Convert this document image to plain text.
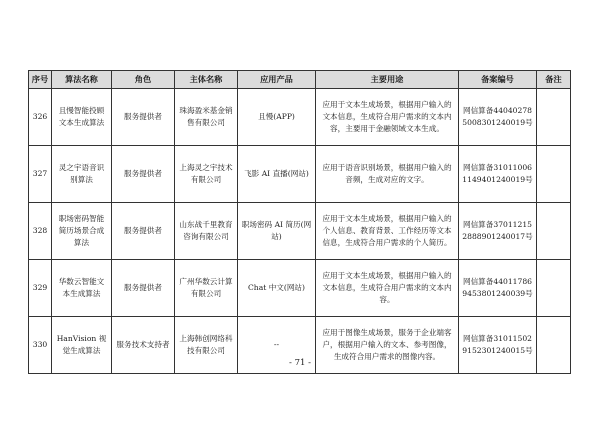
序号	算法名称	角色	主体名称	应用产品	主要用途	备案编号	备注
326	且慢智能投顾文本生成算法	服务提供者	珠海盈米基金销售有限公司	且慢(APP)	应用于文本生成场景，根据用户输入的文本信息，生成符合用户需求的文本内容，主要用于金融领域文本生成。	网信算备440402785008301240019号	
327	灵之宇语音识别算法	服务提供者	上海灵之宇技术有限公司	飞影 AI 直播(网站)	应用于语音识别场景，根据用户输入的音频，生成对应的文字。	网信算备310110061149401240019号	
328	职场密码智能简历场景合成算法	服务提供者	山东战千里教育咨询有限公司	职场密码 AI 简历(网站)	应用于文本生成场景，根据用户输入的个人信息、教育背景、工作经历等文本信息，生成符合用户需求的个人简历。	网信算备370112152888901240017号	
329	华数云智能文本生成算法	服务提供者	广州华数云计算有限公司	Chat 中文(网站)	应用于文本生成场景，根据用户输入的文本信息，生成符合用户需求的文本内容。	网信算备440117869453801240039号	
330	HanVision 视觉生成算法	服务技术支持者	上海韩创网络科技有限公司	--	应用于图像生成场景，服务于企业端客户，根据用户输入的文本、参考图像，生成符合用户需求的图像内容。	网信算备310115029152301240015号	
- 71 -
